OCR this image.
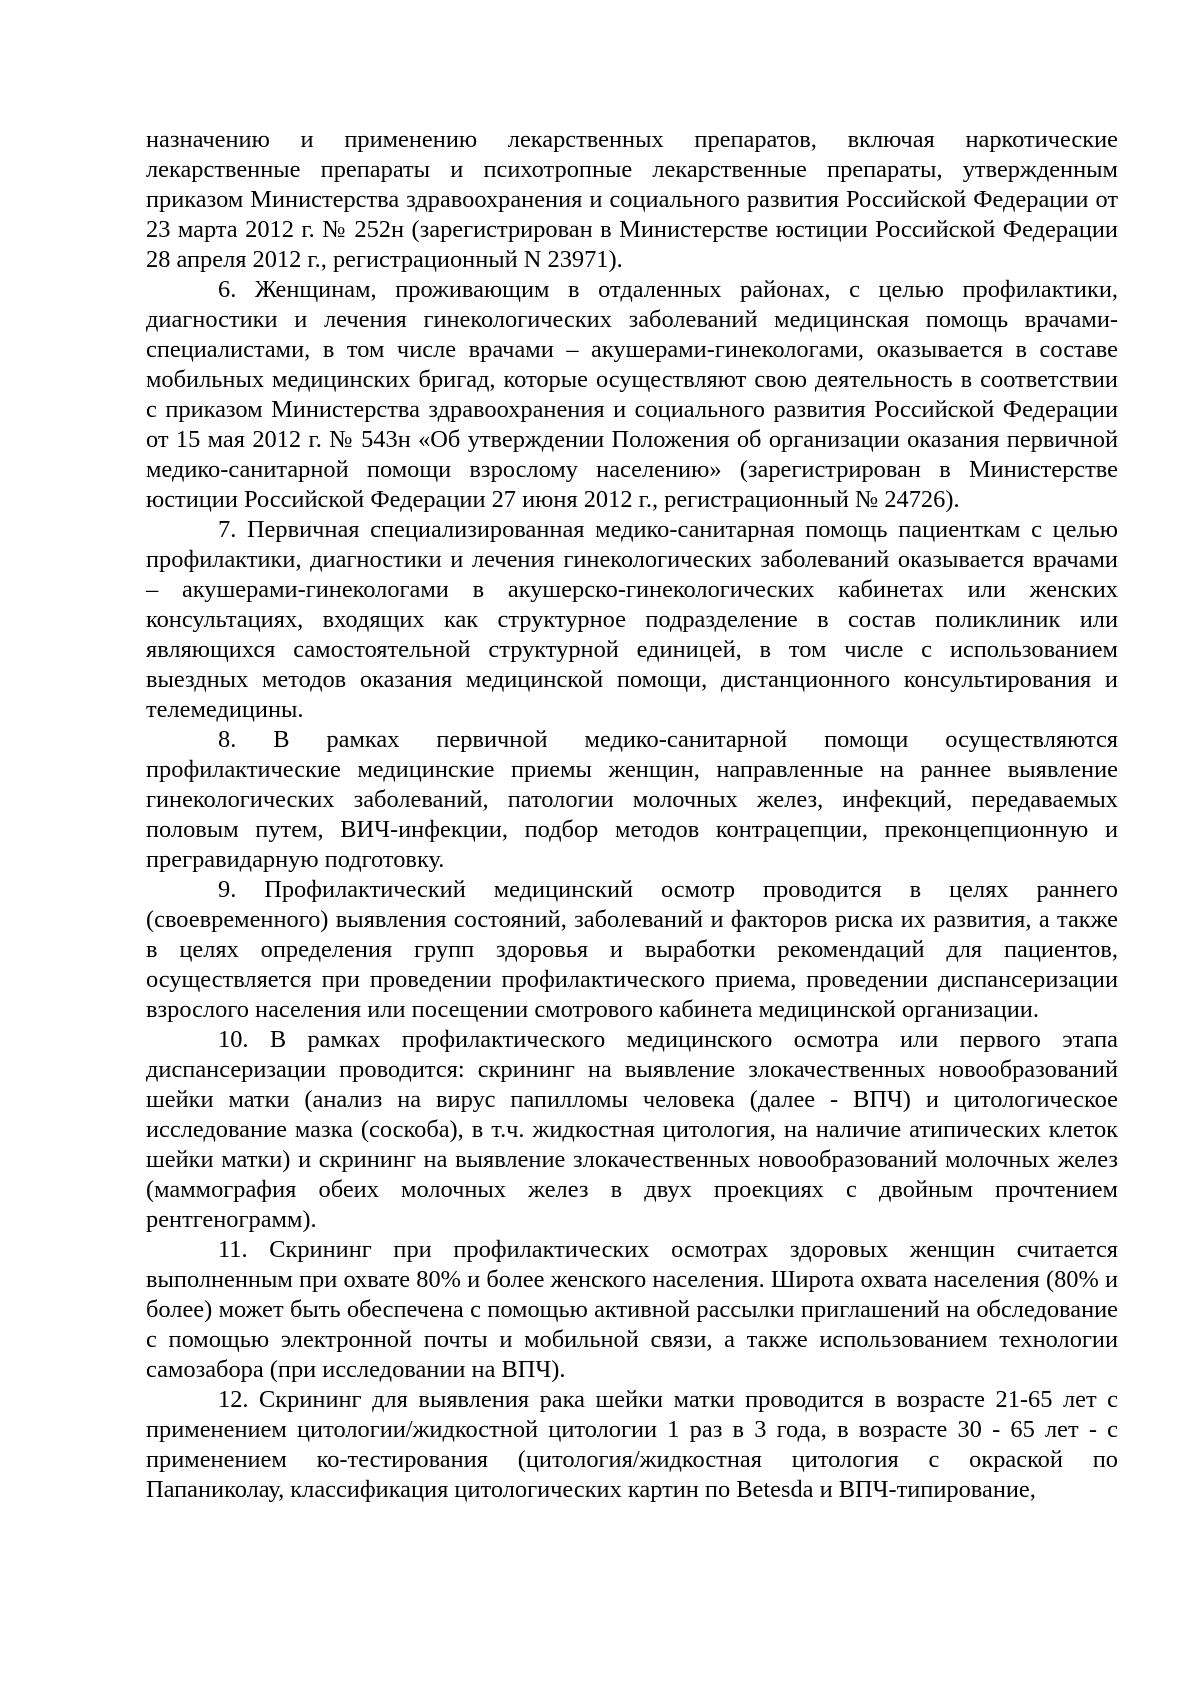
назначению и применению лекарственных препаратов, включая наркотические лекарственные препараты и психотропные лекарственные препараты, утвержденным приказом Министерства здравоохранения и социального развития Российской Федерации от 23 марта 2012 г. № 252н (зарегистрирован в Министерстве юстиции Российской Федерации 28 апреля 2012 г., регистрационный N 23971).

6. Женщинам, проживающим в отдаленных районах, с целью профилактики, диагностики и лечения гинекологических заболеваний медицинская помощь врачами-специалистами, в том числе врачами – акушерами-гинекологами, оказывается в составе мобильных медицинских бригад, которые осуществляют свою деятельность в соответствии с приказом Министерства здравоохранения и социального развития Российской Федерации от 15 мая 2012 г. № 543н «Об утверждении Положения об организации оказания первичной медико-санитарной помощи взрослому населению» (зарегистрирован в Министерстве юстиции Российской Федерации 27 июня 2012 г., регистрационный № 24726).

7. Первичная специализированная медико-санитарная помощь пациенткам с целью профилактики, диагностики и лечения гинекологических заболеваний оказывается врачами – акушерами-гинекологами в акушерско-гинекологических кабинетах или женских консультациях, входящих как структурное подразделение в состав поликлиник или являющихся самостоятельной структурной единицей, в том числе с использованием выездных методов оказания медицинской помощи, дистанционного консультирования и телемедицины.

8. В рамках первичной медико-санитарной помощи осуществляются профилактические медицинские приемы женщин, направленные на раннее выявление гинекологических заболеваний, патологии молочных желез, инфекций, передаваемых половым путем, ВИЧ-инфекции, подбор методов контрацепции, преконцепционную и прегравидарную подготовку.

9. Профилактический медицинский осмотр проводится в целях раннего (своевременного) выявления состояний, заболеваний и факторов риска их развития, а также в целях определения групп здоровья и выработки рекомендаций для пациентов, осуществляется при проведении профилактического приема, проведении диспансеризации взрослого населения или посещении смотрового кабинета медицинской организации.

10. В рамках профилактического медицинского осмотра или первого этапа диспансеризации проводится: скрининг на выявление злокачественных новообразований шейки матки (анализ на вирус папилломы человека (далее - ВПЧ) и цитологическое исследование мазка (соскоба), в т.ч. жидкостная цитология, на наличие атипических клеток шейки матки) и скрининг на выявление злокачественных новообразований молочных желез (маммография обеих молочных желез в двух проекциях с двойным прочтением рентгенограмм).

11. Скрининг при профилактических осмотрах здоровых женщин считается выполненным при охвате 80% и более женского населения. Широта охвата населения (80% и более) может быть обеспечена с помощью активной рассылки приглашений на обследование с помощью электронной почты и мобильной связи, а также использованием технологии самозабора (при исследовании на ВПЧ).

12. Скрининг для выявления рака шейки матки проводится в возрасте 21-65 лет с применением цитологии/жидкостной цитологии 1 раз в 3 года, в возрасте 30 - 65 лет - с применением ко-тестирования (цитология/жидкостная цитология с окраской по Папаниколау, классификация цитологических картин по Betesda и ВПЧ-типирование,
